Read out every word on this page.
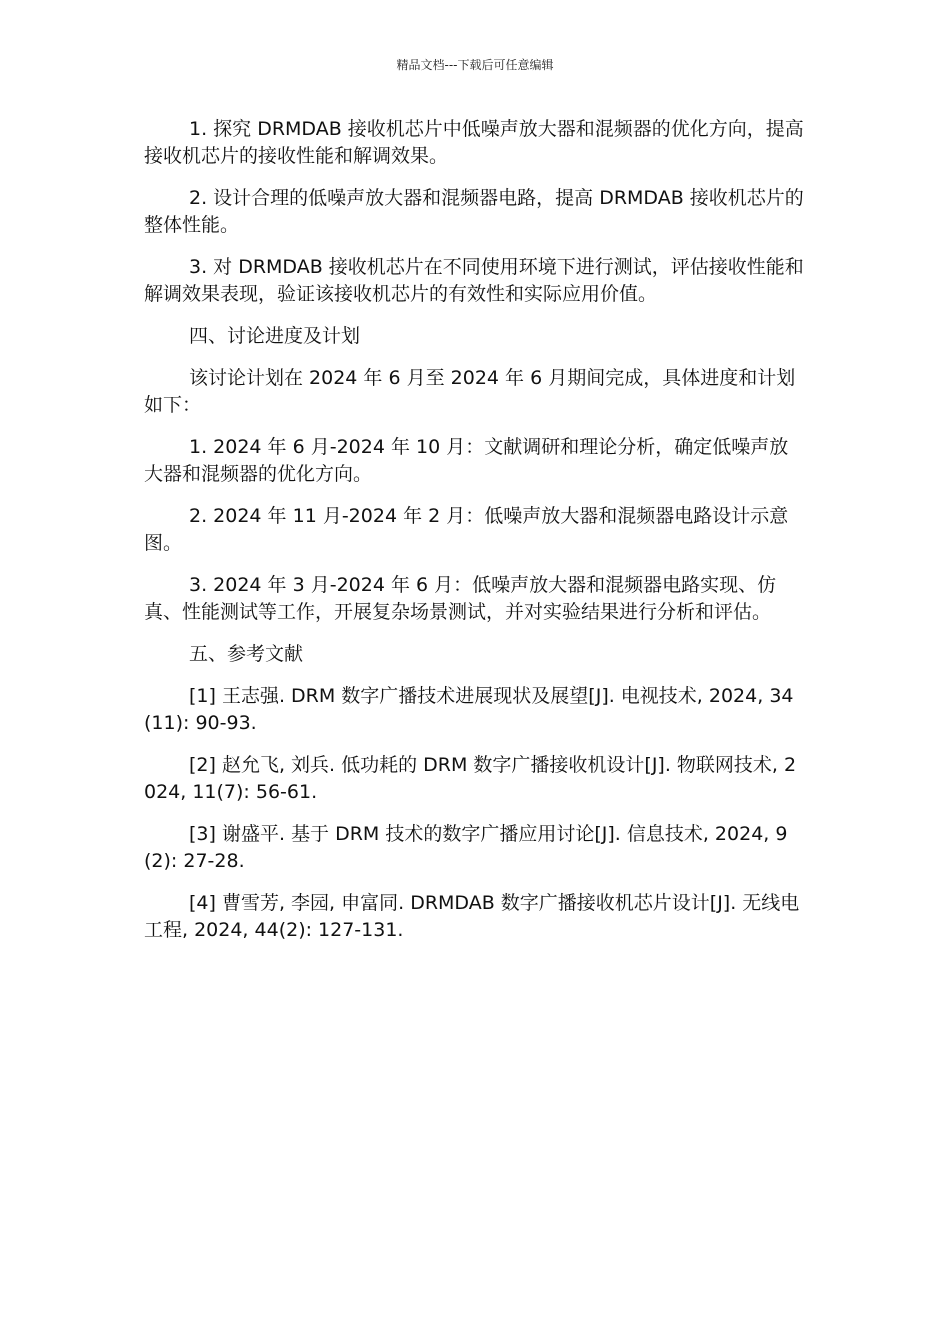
精品文档---下载后可任意编辑

1. 探究 DRMDAB 接收机芯片中低噪声放大器和混频器的优化方向，提高接收机芯片的接收性能和解调效果。

2. 设计合理的低噪声放大器和混频器电路，提高 DRMDAB 接收机芯片的整体性能。

3. 对 DRMDAB 接收机芯片在不同使用环境下进行测试，评估接收性能和解调效果表现，验证该接收机芯片的有效性和实际应用价值。

四、讨论进度及计划

该讨论计划在 2024 年 6 月至 2024 年 6 月期间完成，具体进度和计划如下：

1. 2024 年 6 月-2024 年 10 月：文献调研和理论分析，确定低噪声放大器和混频器的优化方向。

2. 2024 年 11 月-2024 年 2 月：低噪声放大器和混频器电路设计示意图。

3. 2024 年 3 月-2024 年 6 月：低噪声放大器和混频器电路实现、仿真、性能测试等工作，开展复杂场景测试，并对实验结果进行分析和评估。

五、参考文献

[1] 王志强. DRM 数字广播技术进展现状及展望[J]. 电视技术, 2024, 34(11): 90-93.

[2] 赵允飞, 刘兵. 低功耗的 DRM 数字广播接收机设计[J]. 物联网技术, 2024, 11(7): 56-61.

[3] 谢盛平. 基于 DRM 技术的数字广播应用讨论[J]. 信息技术, 2024, 9(2): 27-28.

[4] 曹雪芳, 李园, 申富同. DRMDAB 数字广播接收机芯片设计[J]. 无线电工程, 2024, 44(2): 127-131.
